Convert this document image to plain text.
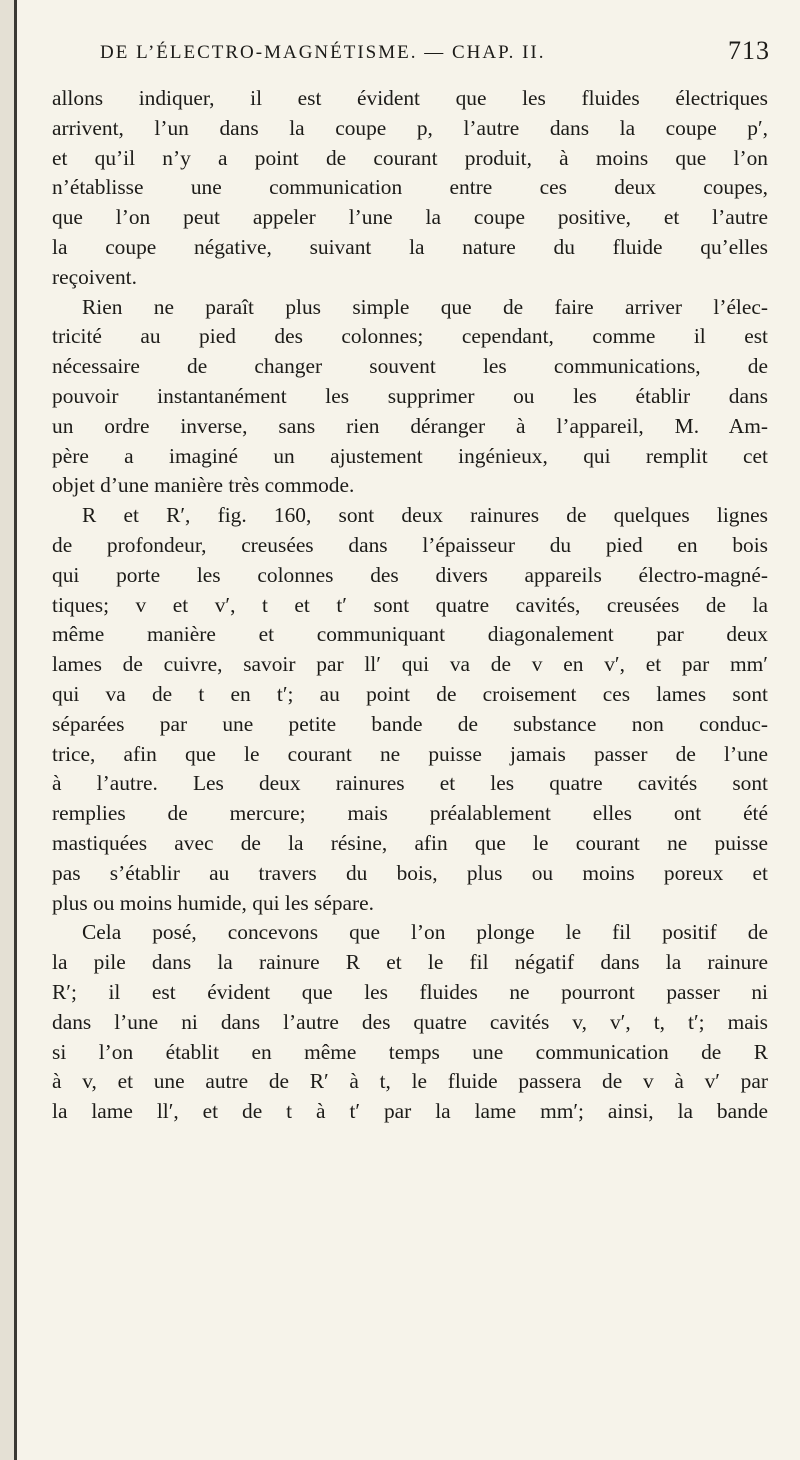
DE L’ÉLECTRO-MAGNÉTISME. — CHAP. II.	713
allons indiquer, il est évident que les fluides électriques
arrivent, l’un dans la coupe p, l’autre dans la coupe p′,
et qu’il n’y a point de courant produit, à moins que l’on
n’établisse une communication entre ces deux coupes,
que l’on peut appeler l’une la coupe positive, et l’autre
la coupe négative, suivant la nature du fluide qu’elles
reçoivent.
Rien ne paraît plus simple que de faire arriver l’élec-
tricité au pied des colonnes; cependant, comme il est
nécessaire de changer souvent les communications, de
pouvoir instantanément les supprimer ou les établir dans
un ordre inverse, sans rien déranger à l’appareil, M. Am-
père a imaginé un ajustement ingénieux, qui remplit cet
objet d’une manière très commode.
R et R′, fig. 160, sont deux rainures de quelques lignes
de profondeur, creusées dans l’épaisseur du pied en bois
qui porte les colonnes des divers appareils électro-magné-
tiques; v et v′, t et t′ sont quatre cavités, creusées de la
même manière et communiquant diagonalement par deux
lames de cuivre, savoir par ll′ qui va de v en v′, et par mm′
qui va de t en t′; au point de croisement ces lames sont
séparées par une petite bande de substance non conduc-
trice, afin que le courant ne puisse jamais passer de l’une
à l’autre. Les deux rainures et les quatre cavités sont
remplies de mercure; mais préalablement elles ont été
mastiquées avec de la résine, afin que le courant ne puisse
pas s’établir au travers du bois, plus ou moins poreux et
plus ou moins humide, qui les sépare.
Cela posé, concevons que l’on plonge le fil positif de
la pile dans la rainure R et le fil négatif dans la rainure
R′; il est évident que les fluides ne pourront passer ni
dans l’une ni dans l’autre des quatre cavités v, v′, t, t′; mais
si l’on établit en même temps une communication de R
à v, et une autre de R′ à t, le fluide passera de v à v′ par
la lame ll′, et de t à t′ par la lame mm′; ainsi, la bande
